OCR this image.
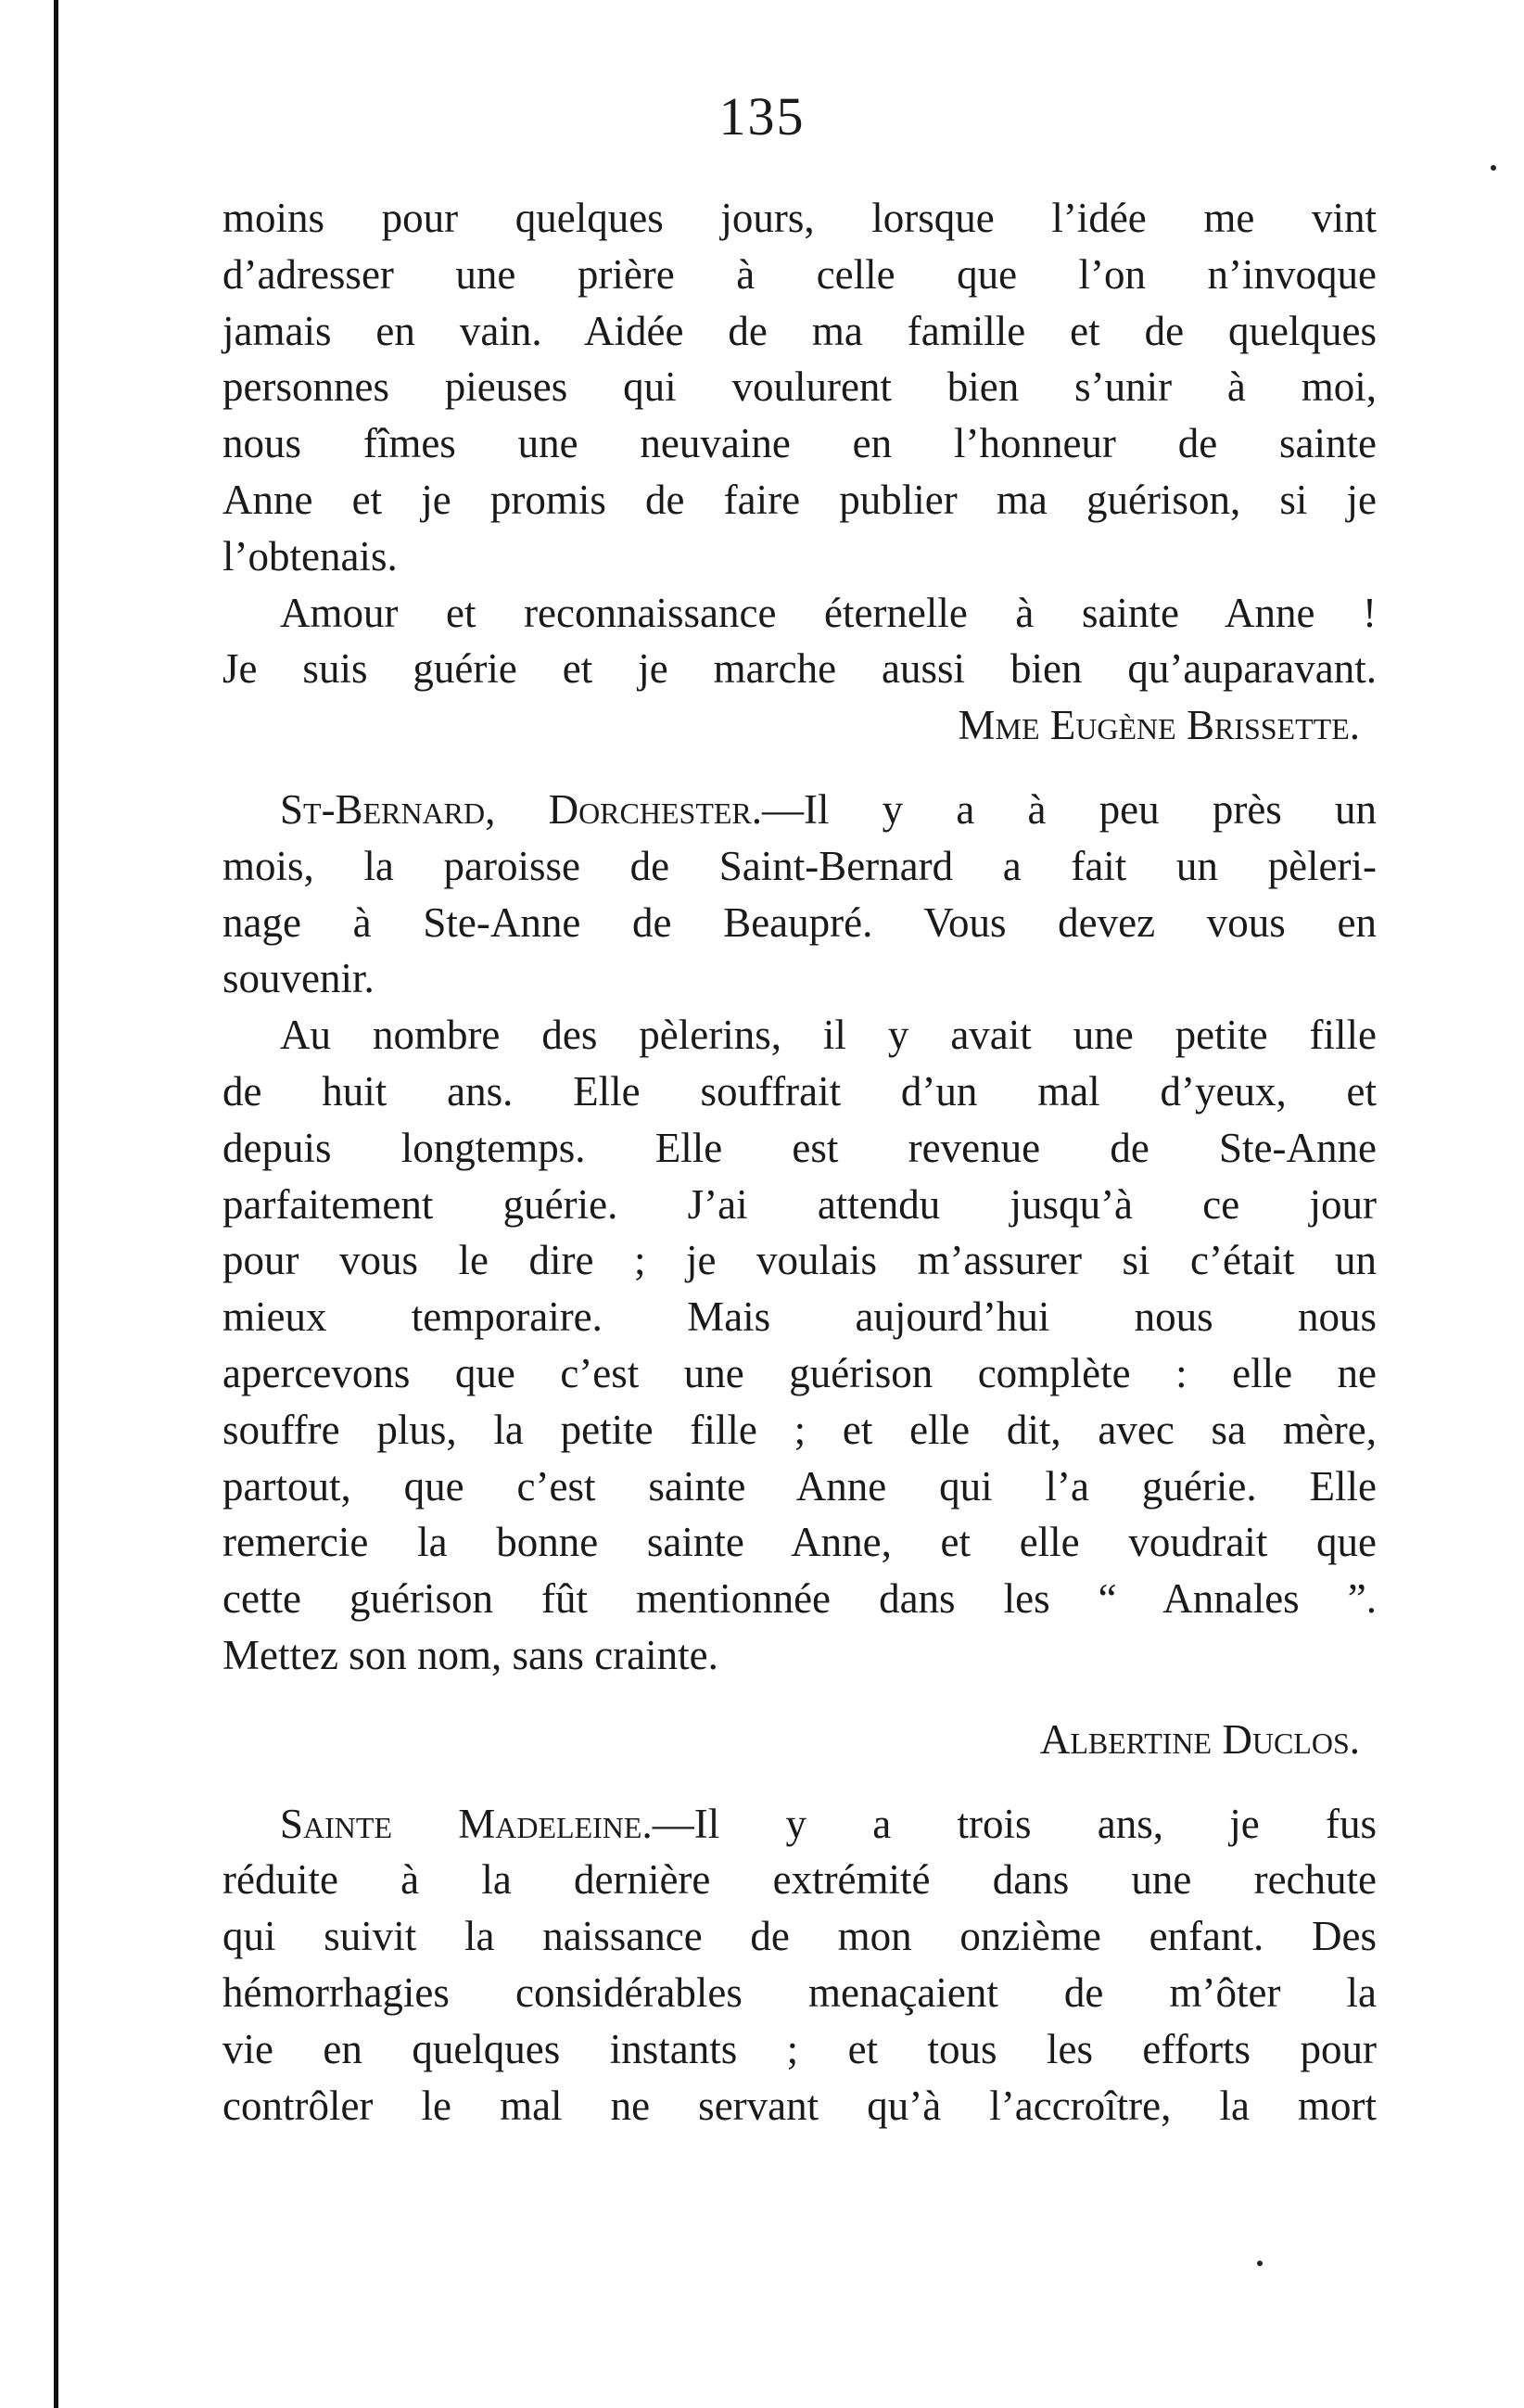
135
moins pour quelques jours, lorsque l’idée me vint
d’adresser une prière à celle que l’on n’invoque
jamais en vain. Aidée de ma famille et de quelques
personnes pieuses qui voulurent bien s’unir à moi,
nous fîmes une neuvaine en l’honneur de sainte
Anne et je promis de faire publier ma guérison, si je
l’obtenais.
Amour et reconnaissance éternelle à sainte Anne !
Je suis guérie et je marche aussi bien qu’auparavant.
Mme Eugène Brissette.
St-Bernard, Dorchester.—Il y a à peu près un
mois, la paroisse de Saint-Bernard a fait un pèleri-
nage à Ste-Anne de Beaupré. Vous devez vous en
souvenir.
Au nombre des pèlerins, il y avait une petite fille
de huit ans. Elle souffrait d’un mal d’yeux, et
depuis longtemps. Elle est revenue de Ste-Anne
parfaitement guérie. J’ai attendu jusqu’à ce jour
pour vous le dire ; je voulais m’assurer si c’était un
mieux temporaire. Mais aujourd’hui nous nous
apercevons que c’est une guérison complète : elle ne
souffre plus, la petite fille ; et elle dit, avec sa mère,
partout, que c’est sainte Anne qui l’a guérie. Elle
remercie la bonne sainte Anne, et elle voudrait que
cette guérison fût mentionnée dans les “ Annales ”.
Mettez son nom, sans crainte.
Albertine Duclos.
Sainte Madeleine.—Il y a trois ans, je fus
réduite à la dernière extrémité dans une rechute
qui suivit la naissance de mon onzième enfant. Des
hémorrhagies considérables menaçaient de m’ôter la
vie en quelques instants ; et tous les efforts pour
contrôler le mal ne servant qu’à l’accroître, la mort
